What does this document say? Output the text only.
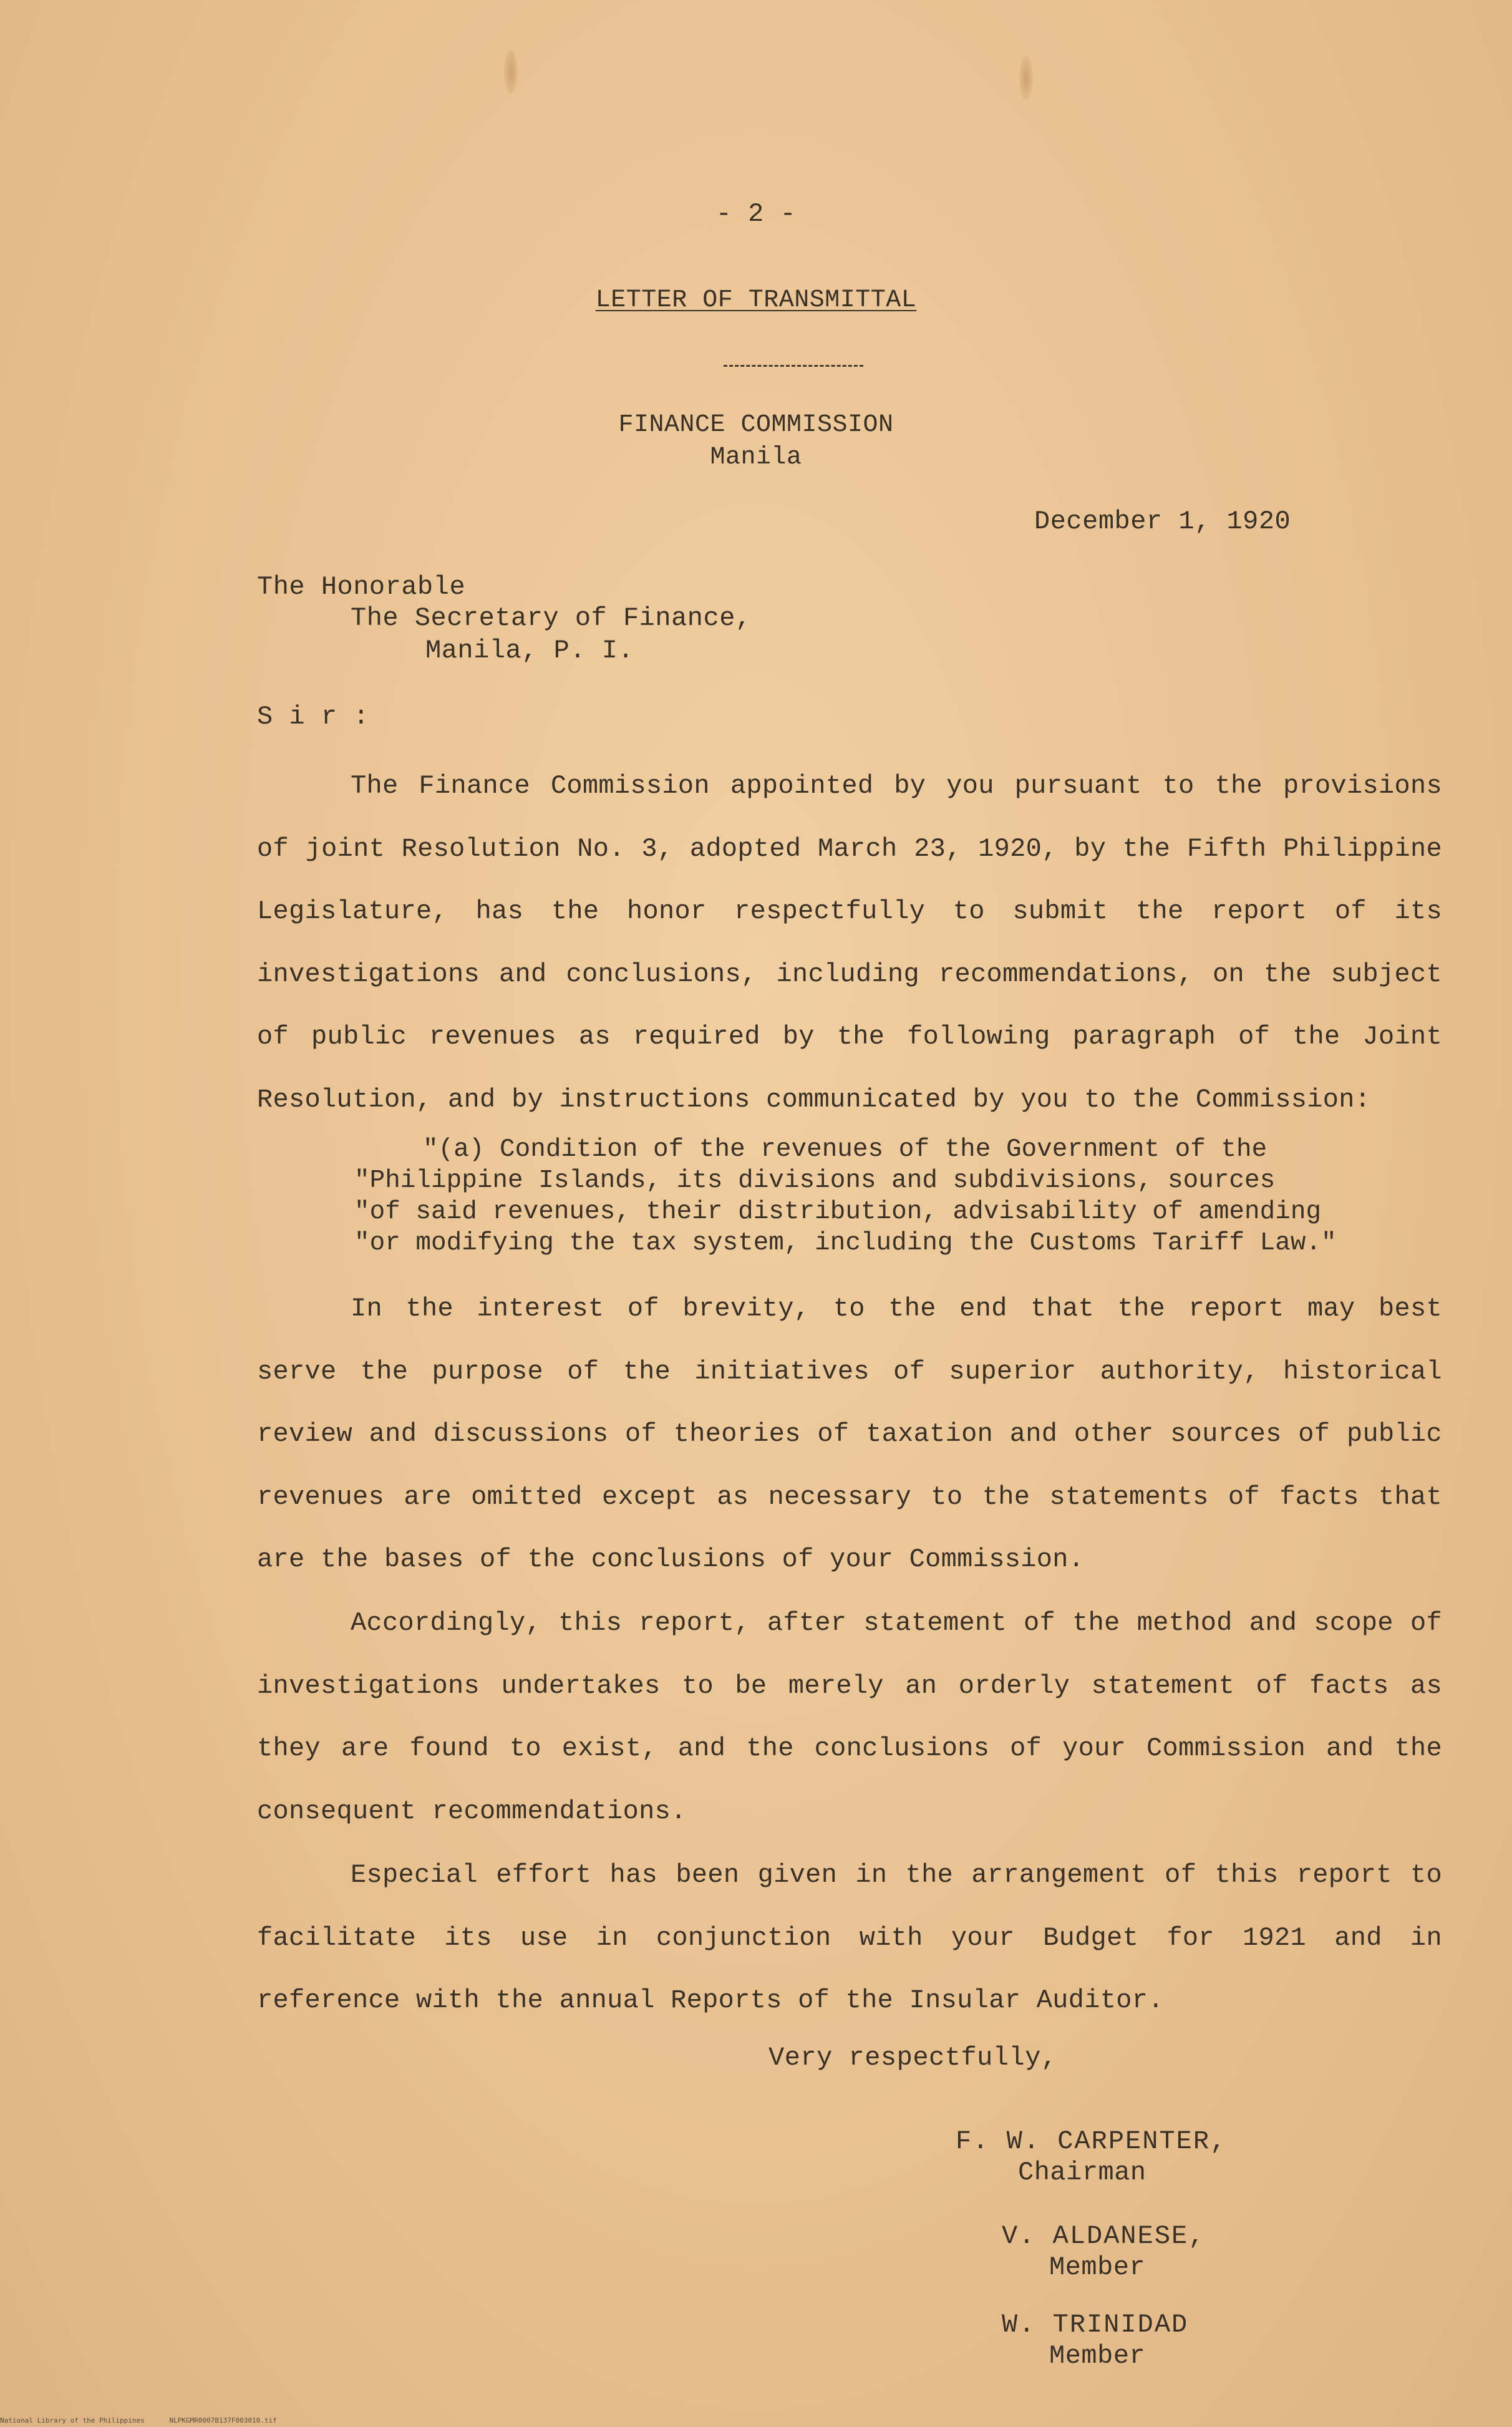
- 2 -
LETTER OF TRANSMITTAL
FINANCE COMMISSION
Manila
December 1, 1920
The Honorable
The Secretary of Finance,
Manila, P. I.
S i r :
The Finance Commission appointed by you pursuant to the provisions of joint Resolution No. 3, adopted March 23, 1920, by the Fifth Philippine Legislature, has the honor respectfully to submit the report of its investigations and conclusions, including recommendations, on the subject of public revenues as required by the following paragraph of the Joint Resolution, and by instructions communicated by you to the Commission:
"(a) Condition of the revenues of the Government of the
"Philippine Islands, its divisions and subdivisions, sources
"of said revenues, their distribution, advisability of amending
"or modifying the tax system, including the Customs Tariff Law."
In the interest of brevity, to the end that the report may best serve the purpose of the initiatives of superior authority, historical review and discussions of theories of taxation and other sources of public revenues are omitted except as necessary to the statements of facts that are the bases of the conclusions of your Commission.
Accordingly, this report, after statement of the method and scope of investigations undertakes to be merely an orderly statement of facts as they are found to exist, and the conclusions of your Commission and the consequent recommendations.
Especial effort has been given in the arrangement of this report to facilitate its use in conjunction with your Budget for 1921 and in reference with the annual Reports of the Insular Auditor.
Very respectfully,
F. W. CARPENTER,
Chairman
V. ALDANESE,
Member
W. TRINIDAD
Member
National Library of the Philippines      NLPKGMR0007B137F003010.tif
